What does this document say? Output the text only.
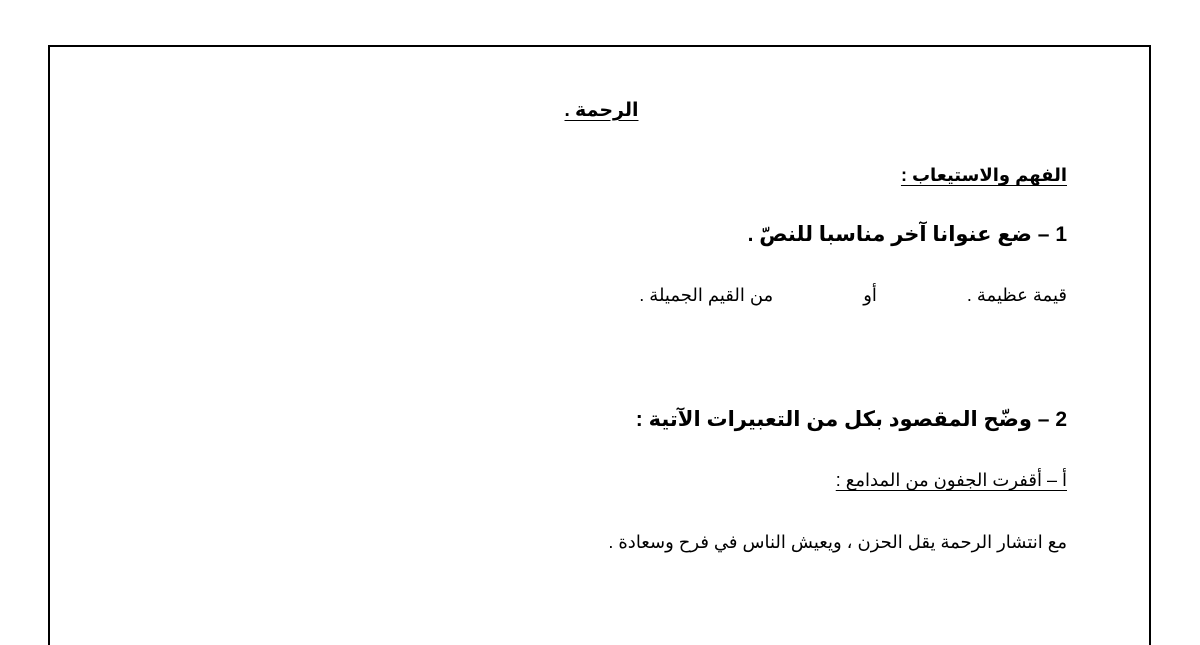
الرحمة .
الفهم والاستيعاب :
1 – ضع عنوانا آخر مناسبا للنصّ .
قيمة عظيمة .
أو
من القيم الجميلة .
2 – وضّح المقصود بكل من التعبيرات الآتية :
أ – أقفرت الجفون من المدامع :
مع انتشار الرحمة يقل الحزن ، ويعيش الناس في فرح وسعادة .
